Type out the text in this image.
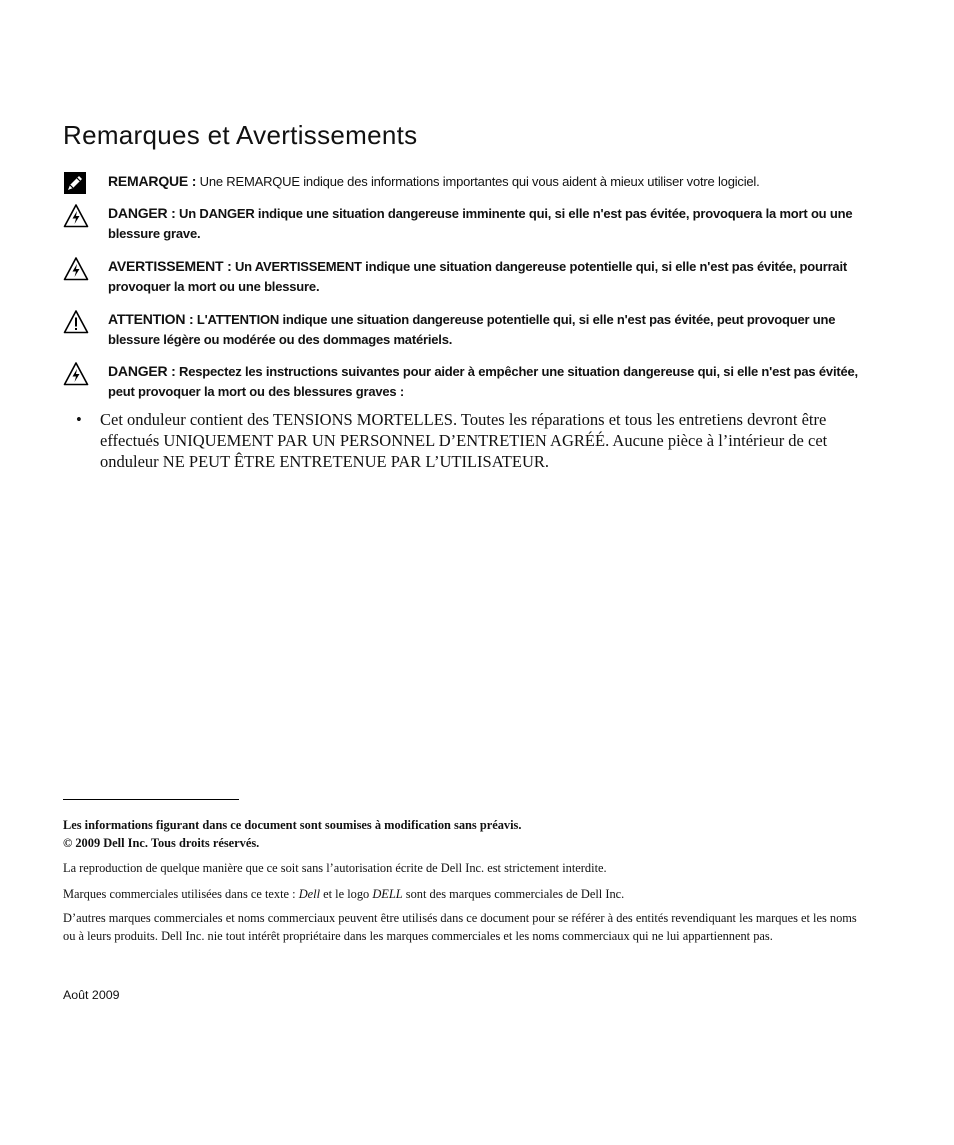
Remarques et Avertissements
REMARQUE : Une REMARQUE indique des informations importantes qui vous aident à mieux utiliser votre logiciel.
DANGER : Un DANGER indique une situation dangereuse imminente qui, si elle n'est pas évitée, provoquera la mort ou une blessure grave.
AVERTISSEMENT : Un AVERTISSEMENT indique une situation dangereuse potentielle qui, si elle n'est pas évitée, pourrait provoquer la mort ou une blessure.
ATTENTION : L'ATTENTION indique une situation dangereuse potentielle qui, si elle n'est pas évitée, peut provoquer une blessure légère ou modérée ou des dommages matériels.
DANGER : Respectez les instructions suivantes pour aider à empêcher une situation dangereuse qui, si elle n'est pas évitée, peut provoquer la mort ou des blessures graves :
• Cet onduleur contient des TENSIONS MORTELLES. Toutes les réparations et tous les entretiens devront être effectués UNIQUEMENT PAR UN PERSONNEL D’ENTRETIEN AGRÉÉ. Aucune pièce à l’intérieur de cet onduleur NE PEUT ÊTRE ENTRETENUE PAR L’UTILISATEUR.
Les informations figurant dans ce document sont soumises à modification sans préavis.
© 2009 Dell Inc. Tous droits réservés.
La reproduction de quelque manière que ce soit sans l’autorisation écrite de Dell Inc. est strictement interdite.
Marques commerciales utilisées dans ce texte : Dell et le logo DELL sont des marques commerciales de Dell Inc.
D’autres marques commerciales et noms commerciaux peuvent être utilisés dans ce document pour se référer à des entités revendiquant les marques et les noms ou à leurs produits. Dell Inc. nie tout intérêt propriétaire dans les marques commerciales et les noms commerciaux qui ne lui appartiennent pas.
Août 2009
